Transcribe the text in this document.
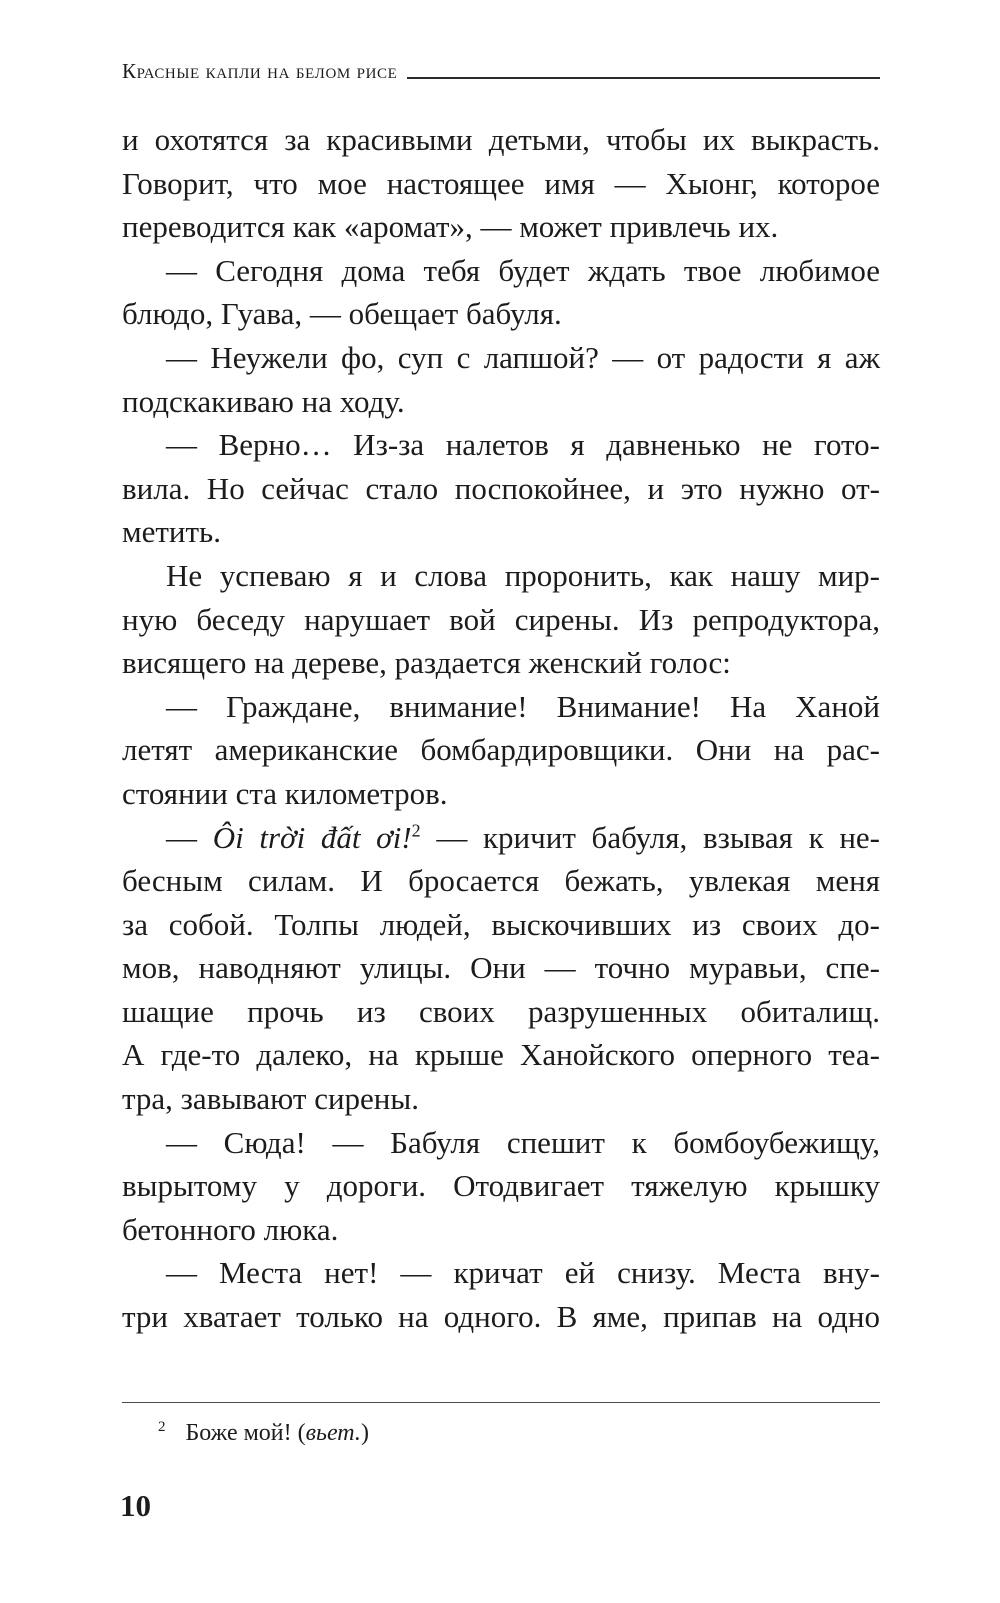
Красные капли на белом рисе
и охотятся за красивыми детьми, чтобы их выкрасть.
Говорит, что мое настоящее имя — Хыонг, которое
переводится как «аромат», — может привлечь их.
— Сегодня дома тебя будет ждать твое любимое
блюдо, Гуава, — обещает бабуля.
— Неужели фо, суп с лапшой? — от радости я аж
подскакиваю на ходу.
— Верно… Из-за налетов я давненько не гото-
вила. Но сейчас стало поспокойнее, и это нужно от-
метить.
Не успеваю я и слова проронить, как нашу мир-
ную беседу нарушает вой сирены. Из репродуктора,
висящего на дереве, раздается женский голос:
— Граждане, внимание! Внимание! На Ханой
летят американские бомбардировщики. Они на рас-
стоянии ста километров.
— Ôi trời đất ơi!$^2$ — кричит бабуля, взывая к не-
бесным силам. И бросается бежать, увлекая меня
за собой. Толпы людей, выскочивших из своих до-
мов, наводняют улицы. Они — точно муравьи, спе-
шащие прочь из своих разрушенных обиталищ.
А где-то далеко, на крыше Ханойского оперного теа-
тра, завывают сирены.
— Сюда! — Бабуля спешит к бомбоубежищу,
вырытому у дороги. Отодвигает тяжелую крышку
бетонного люка.
— Места нет! — кричат ей снизу. Места вну-
три хватает только на одного. В яме, припав на одно
$^2$ Боже мой! (вьет.)
10
